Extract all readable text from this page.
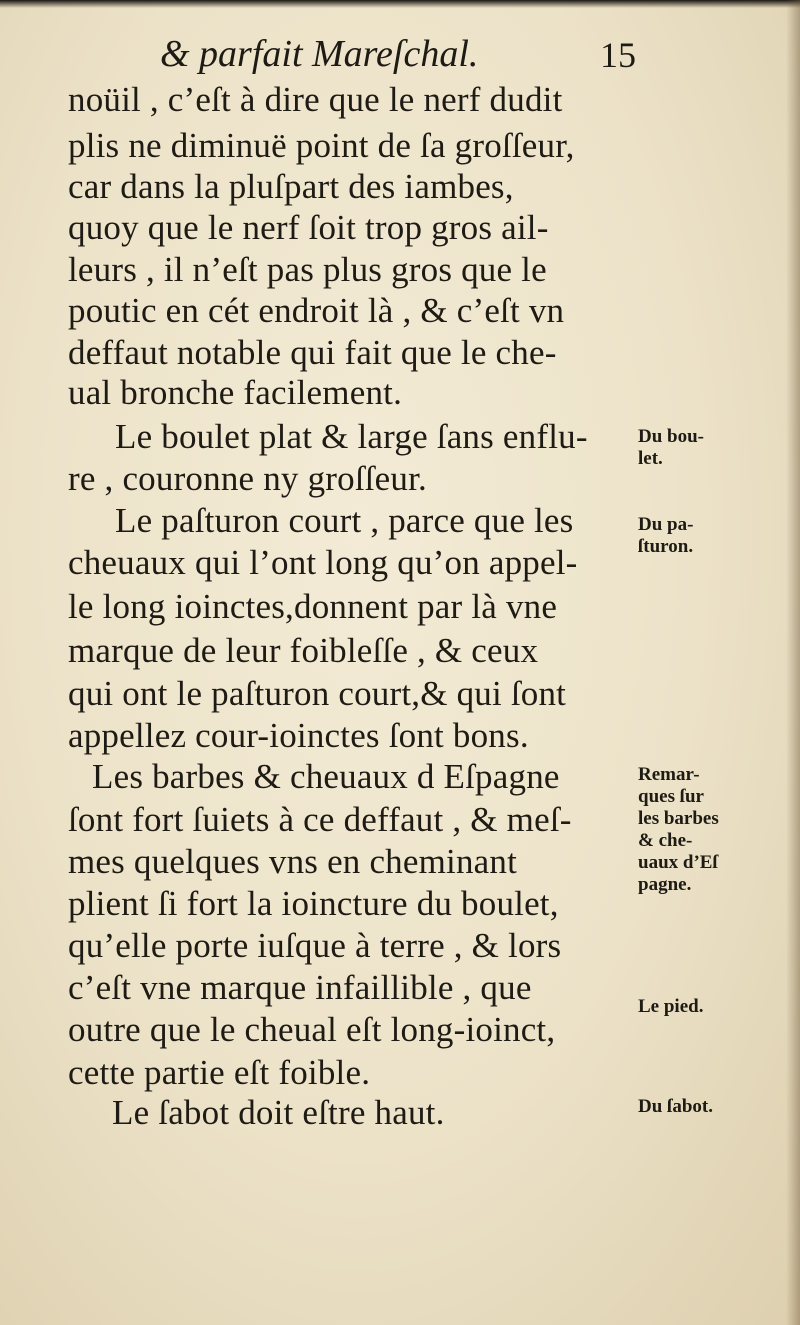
& parfait Mareſchal.	15
noüil , c’eſt à dire que le nerf dudit
plis ne diminuë point de ſa groſſeur,
car dans la pluſpart des iambes,
quoy que le nerf ſoit trop gros ail-
leurs , il n’eſt pas plus gros que le
poutic en cét endroit là , & c’eſt vn
deffaut notable qui fait que le che-
ual bronche facilement.
Le boulet plat & large ſans enflu-
re , couronne ny groſſeur.
Le paſturon court , parce que les
cheuaux qui l’ont long qu’on appel-
le long ioinctes,donnent par là vne
marque de leur foibleſſe , & ceux
qui ont le paſturon court,& qui ſont
appellez cour-ioinctes ſont bons.
Les barbes & cheuaux d Eſpagne
ſont fort ſuiets à ce deffaut , & meſ-
mes quelques vns en cheminant
plient ſi fort la ioincture du boulet,
qu’elle porte iuſque à terre , & lors
c’eſt vne marque infaillible , que
outre que le cheual eſt long-ioinct,
cette partie eſt foible.
Le ſabot doit eſtre haut.
Du bou-
let.
Du pa-
ſturon.
Remar-
ques ſur
les barbes
& che-
uaux d’Eſ
pagne.
Le pied.
Du ſabot.
